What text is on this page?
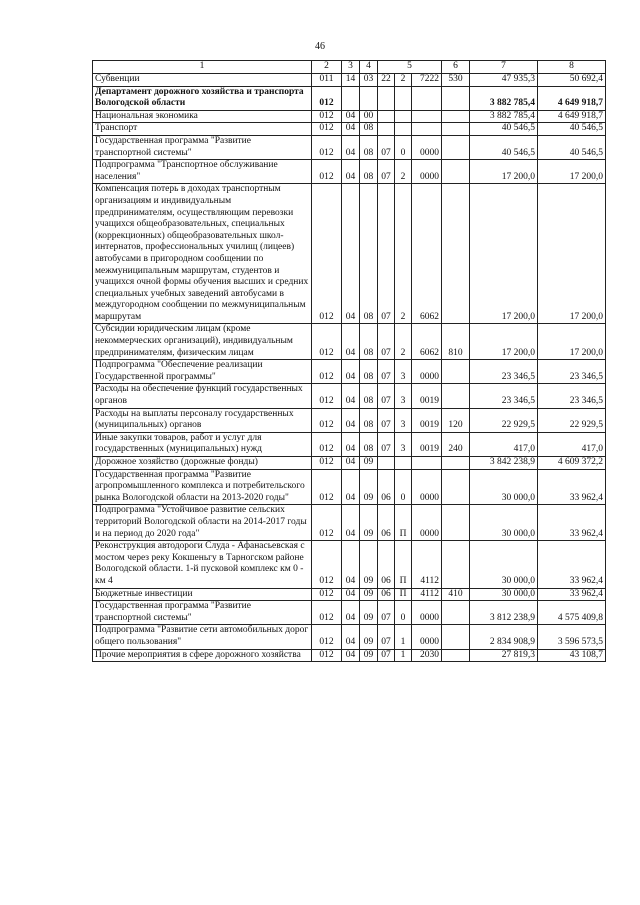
46
1	2	3	4	5			6	7	8
Субвенции	011	14	03	22	2	7222	530	47 935,3	50 692,4
Департамент дорожного хозяйства и транспорта Вологодской области	012							3 882 785,4	4 649 918,7
Национальная экономика	012	04	00					3 882 785,4	4 649 918,7
Транспорт	012	04	08					40 546,5	40 546,5
Государственная программа "Развитие транспортной системы"	012	04	08	07	0	0000		40 546,5	40 546,5
Подпрограмма "Транспортное обслуживание населения"	012	04	08	07	2	0000		17 200,0	17 200,0
Компенсация потерь в доходах транспортным организациям и индивидуальным предпринимателям, осуществляющим перевозки учащихся общеобразовательных, специальных (коррекционных) общеобразовательных школ-интернатов, профессиональных училищ (лицеев) автобусами в пригородном сообщении по межмуниципальным маршрутам, студентов и учащихся очной формы обучения высших и средних специальных учебных заведений автобусами в междугородном сообщении по межмуниципальным маршрутам	012	04	08	07	2	6062		17 200,0	17 200,0
Субсидии юридическим лицам (кроме некоммерческих организаций), индивидуальным предпринимателям, физическим лицам	012	04	08	07	2	6062	810	17 200,0	17 200,0
Подпрограмма "Обеспечение реализации Государственной программы"	012	04	08	07	3	0000		23 346,5	23 346,5
Расходы на обеспечение функций государственных органов	012	04	08	07	3	0019		23 346,5	23 346,5
Расходы на выплаты персоналу государственных (муниципальных) органов	012	04	08	07	3	0019	120	22 929,5	22 929,5
Иные закупки товаров, работ и услуг для государственных (муниципальных) нужд	012	04	08	07	3	0019	240	417,0	417,0
Дорожное хозяйство (дорожные фонды)	012	04	09					3 842 238,9	4 609 372,2
Государственная программа "Развитие агропромышленного комплекса и потребительского рынка Вологодской области на 2013-2020 годы"	012	04	09	06	0	0000		30 000,0	33 962,4
Подпрограмма "Устойчивое развитие сельских территорий Вологодской области на 2014-2017 годы и на период до 2020 года"	012	04	09	06	П	0000		30 000,0	33 962,4
Реконструкция автодороги Слуда - Афанасьевская с мостом через реку Кокшеньгу в Тарногском районе Вологодской области. 1-й пусковой комплекс км 0 - км 4	012	04	09	06	П	4112		30 000,0	33 962,4
Бюджетные инвестиции	012	04	09	06	П	4112	410	30 000,0	33 962,4
Государственная программа "Развитие транспортной системы"	012	04	09	07	0	0000		3 812 238,9	4 575 409,8
Подпрограмма "Развитие сети автомобильных дорог общего пользования"	012	04	09	07	1	0000		2 834 908,9	3 596 573,5
Прочие мероприятия в сфере дорожного хозяйства	012	04	09	07	1	2030		27 819,3	43 108,7
